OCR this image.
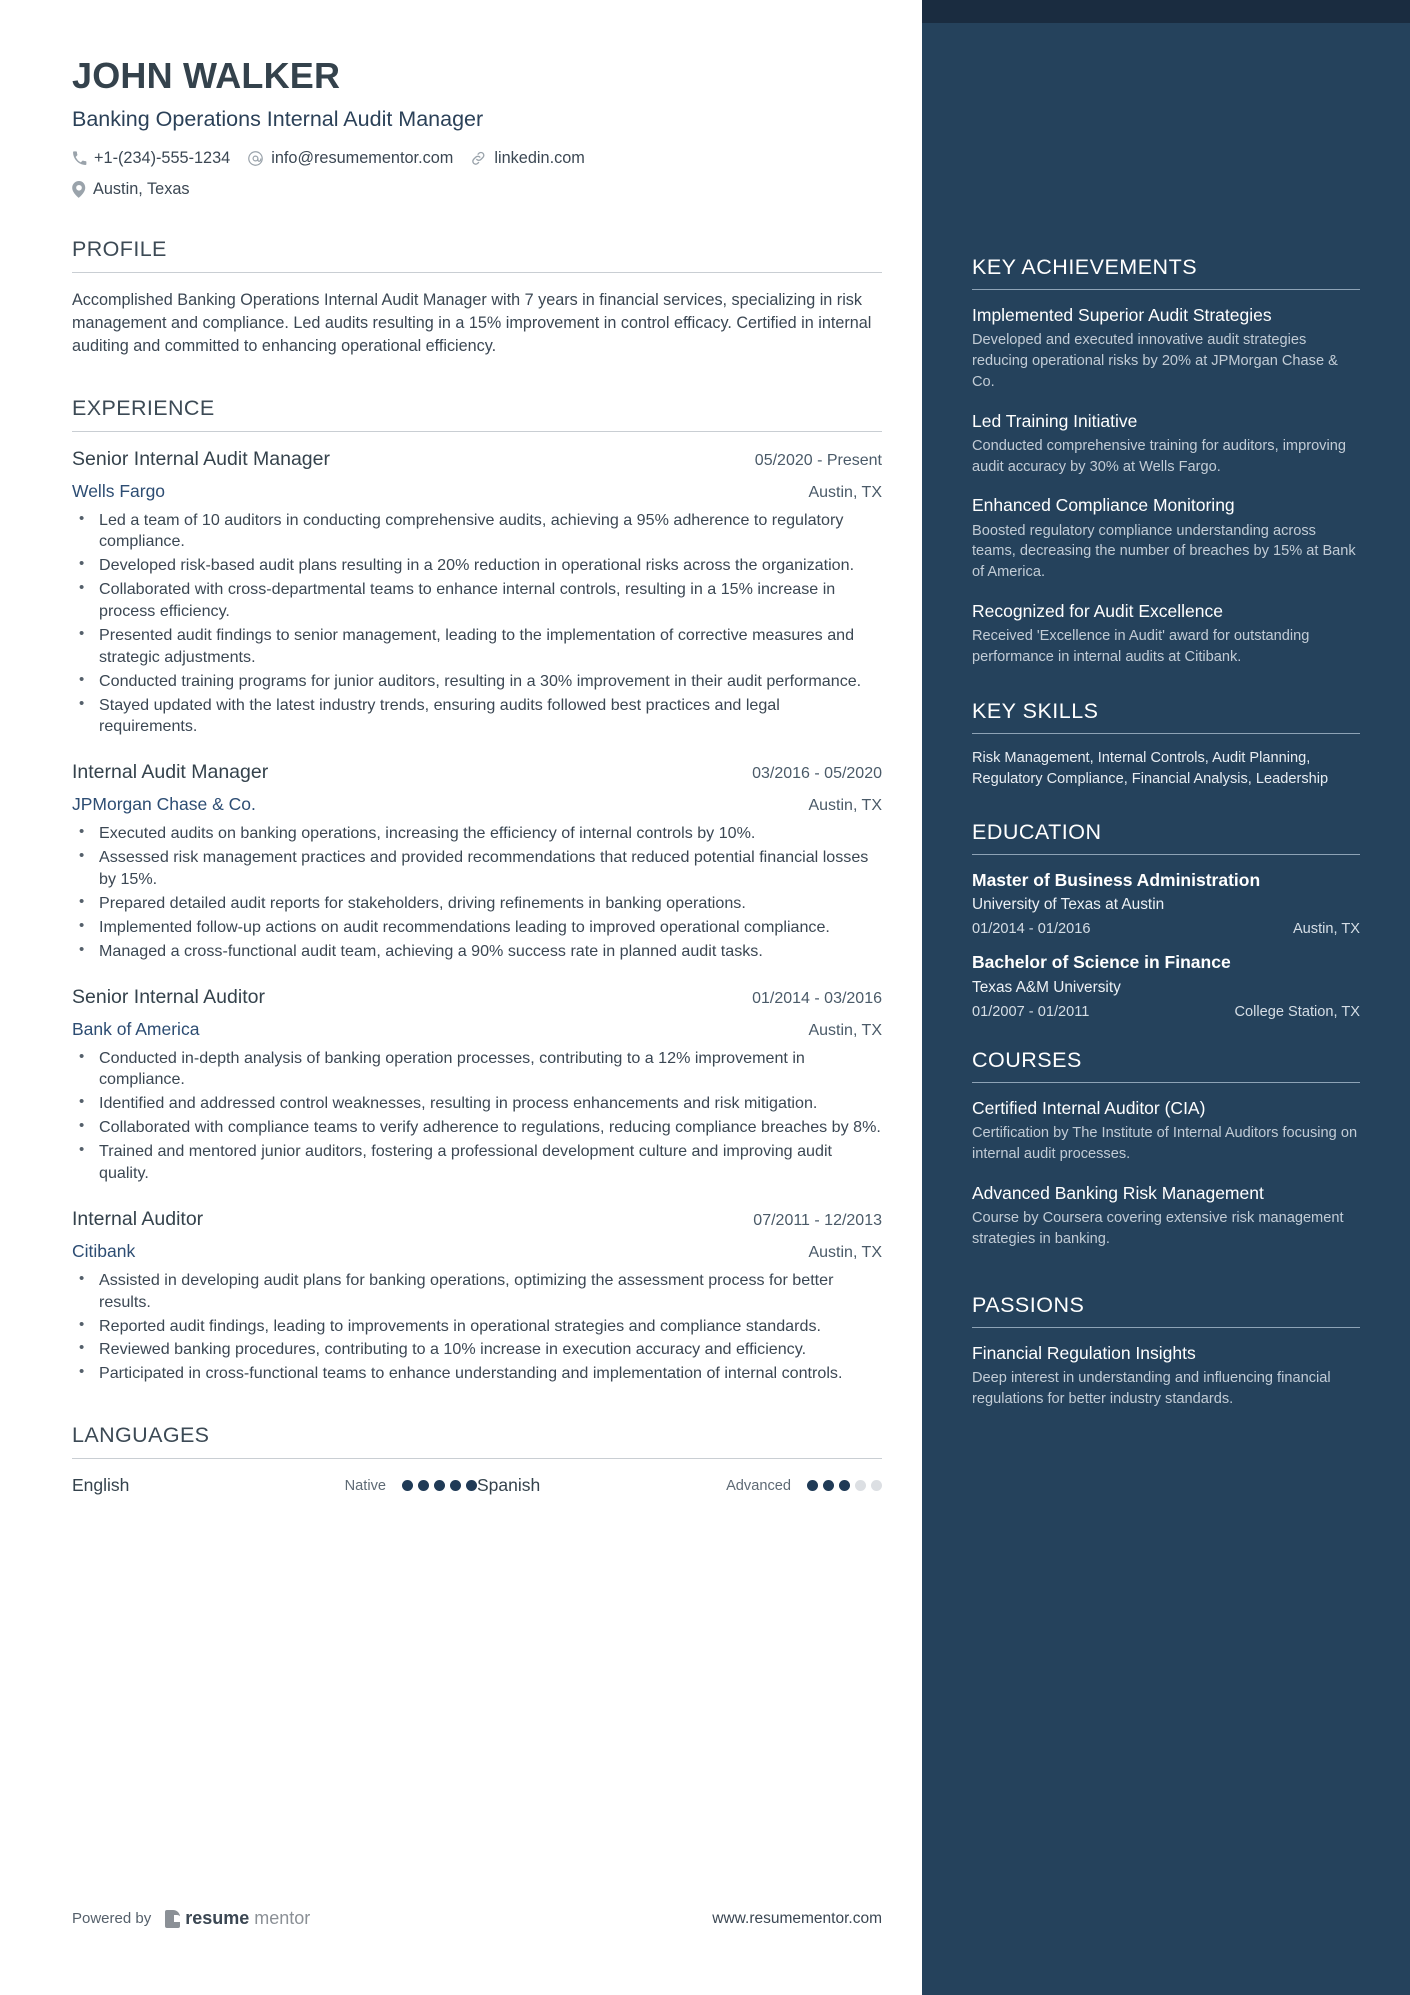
KEY ACHIEVEMENTS
Implemented Superior Audit Strategies
Developed and executed innovative audit strategies reducing operational risks by 20% at JPMorgan Chase & Co.
Led Training Initiative
Conducted comprehensive training for auditors, improving audit accuracy by 30% at Wells Fargo.
Enhanced Compliance Monitoring
Boosted regulatory compliance understanding across teams, decreasing the number of breaches by 15% at Bank of America.
Recognized for Audit Excellence
Received 'Excellence in Audit' award for outstanding performance in internal audits at Citibank.
KEY SKILLS
Risk Management, Internal Controls, Audit Planning, Regulatory Compliance, Financial Analysis, Leadership
EDUCATION
Master of Business Administration
University of Texas at Austin
01/2014 - 01/2016	Austin, TX
Bachelor of Science in Finance
Texas A&M University
01/2007 - 01/2011	College Station, TX
COURSES
Certified Internal Auditor (CIA)
Certification by The Institute of Internal Auditors focusing on internal audit processes.
Advanced Banking Risk Management
Course by Coursera covering extensive risk management strategies in banking.
PASSIONS
Financial Regulation Insights
Deep interest in understanding and influencing financial regulations for better industry standards.
JOHN WALKER
Banking Operations Internal Audit Manager
+1-(234)-555-1234	info@resumementor.com	linkedin.com
Austin, Texas
PROFILE

Accomplished Banking Operations Internal Audit Manager with 7 years in financial services, specializing in risk management and compliance. Led audits resulting in a 15% improvement in control efficacy. Certified in internal auditing and committed to enhancing operational efficiency.

EXPERIENCE
Senior Internal Audit Manager	05/2020 - Present
Wells Fargo	Austin, TX
• Led a team of 10 auditors in conducting comprehensive audits, achieving a 95% adherence to regulatory compliance.
• Developed risk-based audit plans resulting in a 20% reduction in operational risks across the organization.
• Collaborated with cross-departmental teams to enhance internal controls, resulting in a 15% increase in process efficiency.
• Presented audit findings to senior management, leading to the implementation of corrective measures and strategic adjustments.
• Conducted training programs for junior auditors, resulting in a 30% improvement in their audit performance.
• Stayed updated with the latest industry trends, ensuring audits followed best practices and legal requirements.
Internal Audit Manager	03/2016 - 05/2020
JPMorgan Chase & Co.	Austin, TX
• Executed audits on banking operations, increasing the efficiency of internal controls by 10%.
• Assessed risk management practices and provided recommendations that reduced potential financial losses by 15%.
• Prepared detailed audit reports for stakeholders, driving refinements in banking operations.
• Implemented follow-up actions on audit recommendations leading to improved operational compliance.
• Managed a cross-functional audit team, achieving a 90% success rate in planned audit tasks.
Senior Internal Auditor	01/2014 - 03/2016
Bank of America	Austin, TX
• Conducted in-depth analysis of banking operation processes, contributing to a 12% improvement in compliance.
• Identified and addressed control weaknesses, resulting in process enhancements and risk mitigation.
• Collaborated with compliance teams to verify adherence to regulations, reducing compliance breaches by 8%.
• Trained and mentored junior auditors, fostering a professional development culture and improving audit quality.
Internal Auditor	07/2011 - 12/2013
Citibank	Austin, TX
• Assisted in developing audit plans for banking operations, optimizing the assessment process for better results.
• Reported audit findings, leading to improvements in operational strategies and compliance standards.
• Reviewed banking procedures, contributing to a 10% increase in execution accuracy and efficiency.
• Participated in cross-functional teams to enhance understanding and implementation of internal controls.
LANGUAGES
English	Native	Spanish	Advanced
Powered by resume mentor	www.resumementor.com
